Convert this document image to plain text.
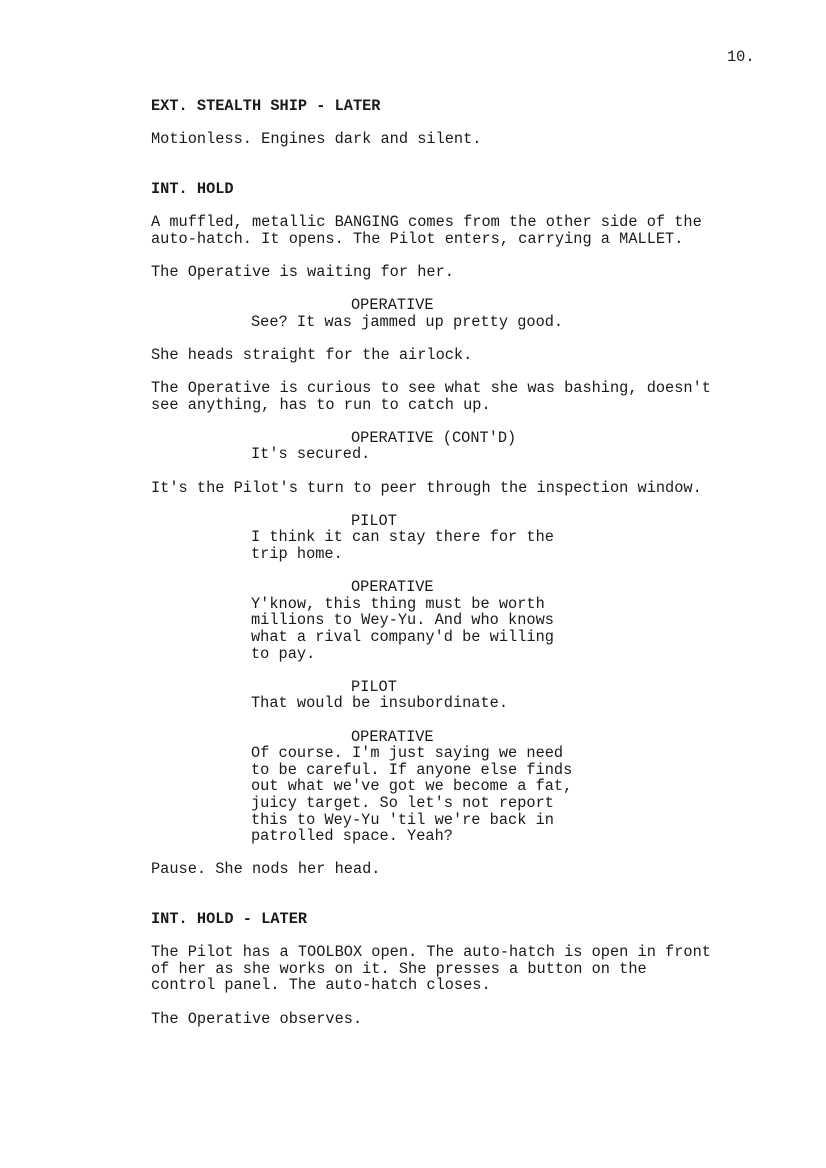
10.
EXT. STEALTH SHIP - LATER
Motionless. Engines dark and silent.
INT. HOLD
A muffled, metallic BANGING comes from the other side of the
auto-hatch. It opens. The Pilot enters, carrying a MALLET.
The Operative is waiting for her.
OPERATIVE
See? It was jammed up pretty good.
She heads straight for the airlock.
The Operative is curious to see what she was bashing, doesn't
see anything, has to run to catch up.
OPERATIVE (CONT'D)
It's secured.
It's the Pilot's turn to peer through the inspection window.
PILOT
I think it can stay there for the
trip home.
OPERATIVE
Y'know, this thing must be worth
millions to Wey-Yu. And who knows
what a rival company'd be willing
to pay.
PILOT
That would be insubordinate.
OPERATIVE
Of course. I'm just saying we need
to be careful. If anyone else finds
out what we've got we become a fat,
juicy target. So let's not report
this to Wey-Yu 'til we're back in
patrolled space. Yeah?
Pause. She nods her head.
INT. HOLD - LATER
The Pilot has a TOOLBOX open. The auto-hatch is open in front
of her as she works on it. She presses a button on the
control panel. The auto-hatch closes.
The Operative observes.
